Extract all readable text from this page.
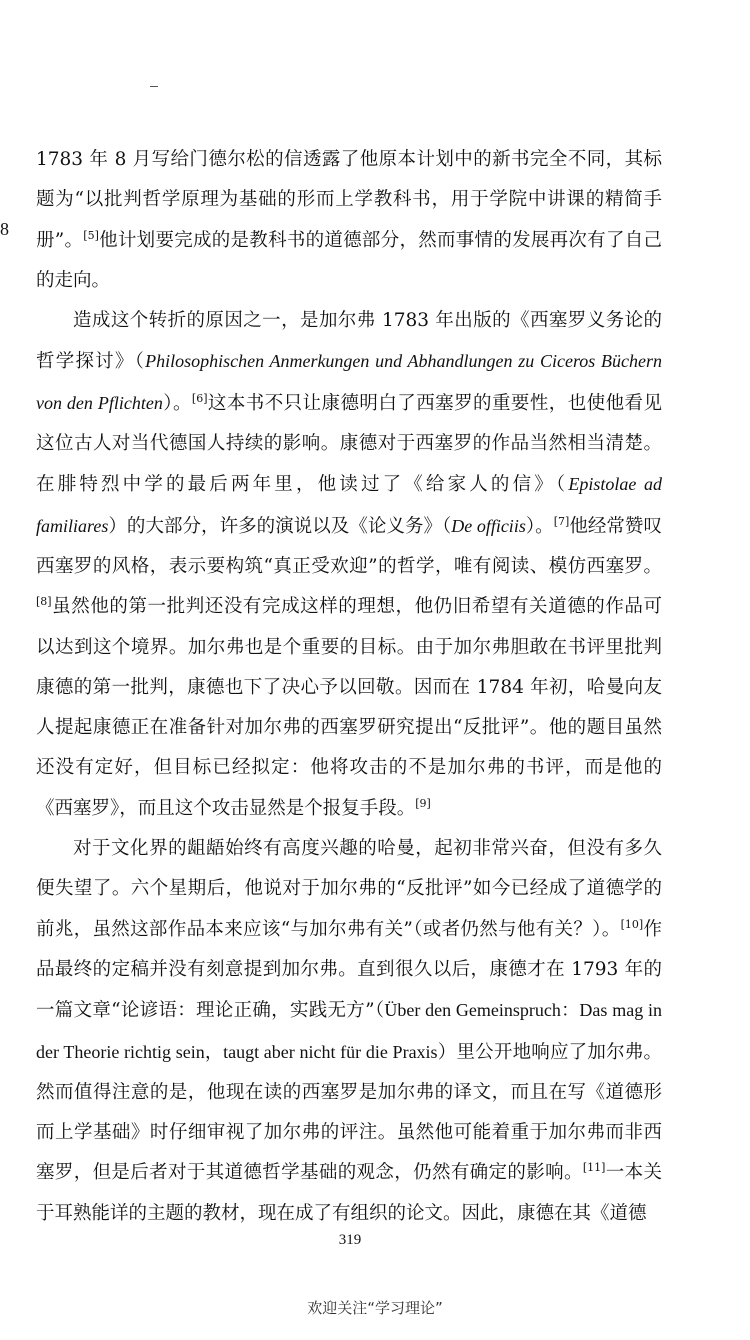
8

1783 年 8 月写给门德尔松的信透露了他原本计划中的新书完全不同，其标题为“以批判哲学原理为基础的形而上学教科书，用于学院中讲课的精简手册”。[5]他计划要完成的是教科书的道德部分，然而事情的发展再次有了自己的走向。

造成这个转折的原因之一，是加尔弗 1783 年出版的《西塞罗义务论的哲学探讨》（Philosophischen Anmerkungen und Abhandlungen zu Ciceros Büchern von den Pflichten）。[6]这本书不只让康德明白了西塞罗的重要性，也使他看见这位古人对当代德国人持续的影响。康德对于西塞罗的作品当然相当清楚。在腓特烈中学的最后两年里，他读过了《给家人的信》（Epistolae ad familiares）的大部分，许多的演说以及《论义务》（De officiis）。[7]他经常赞叹西塞罗的风格，表示要构筑“真正受欢迎”的哲学，唯有阅读、模仿西塞罗。[8]虽然他的第一批判还没有完成这样的理想，他仍旧希望有关道德的作品可以达到这个境界。加尔弗也是个重要的目标。由于加尔弗胆敢在书评里批判康德的第一批判，康德也下了决心予以回敬。因而在 1784 年初，哈曼向友人提起康德正在准备针对加尔弗的西塞罗研究提出“反批评”。他的题目虽然还没有定好，但目标已经拟定：他将攻击的不是加尔弗的书评，而是他的《西塞罗》，而且这个攻击显然是个报复手段。[9]

对于文化界的龃龉始终有高度兴趣的哈曼，起初非常兴奋，但没有多久便失望了。六个星期后，他说对于加尔弗的“反批评”如今已经成了道德学的前兆，虽然这部作品本来应该“与加尔弗有关”（或者仍然与他有关？）。[10]作品最终的定稿并没有刻意提到加尔弗。直到很久以后，康德才在 1793 年的一篇文章“论谚语：理论正确，实践无方”（Über den Gemeinspruch：Das mag in der Theorie richtig sein，taugt aber nicht für die Praxis）里公开地响应了加尔弗。然而值得注意的是，他现在读的西塞罗是加尔弗的译文，而且在写《道德形而上学基础》时仔细审视了加尔弗的评注。虽然他可能着重于加尔弗而非西塞罗，但是后者对于其道德哲学基础的观念，仍然有确定的影响。[11]一本关于耳熟能详的主题的教材，现在成了有组织的论文。因此，康德在其《道德

319
欢迎关注“学习理论”
